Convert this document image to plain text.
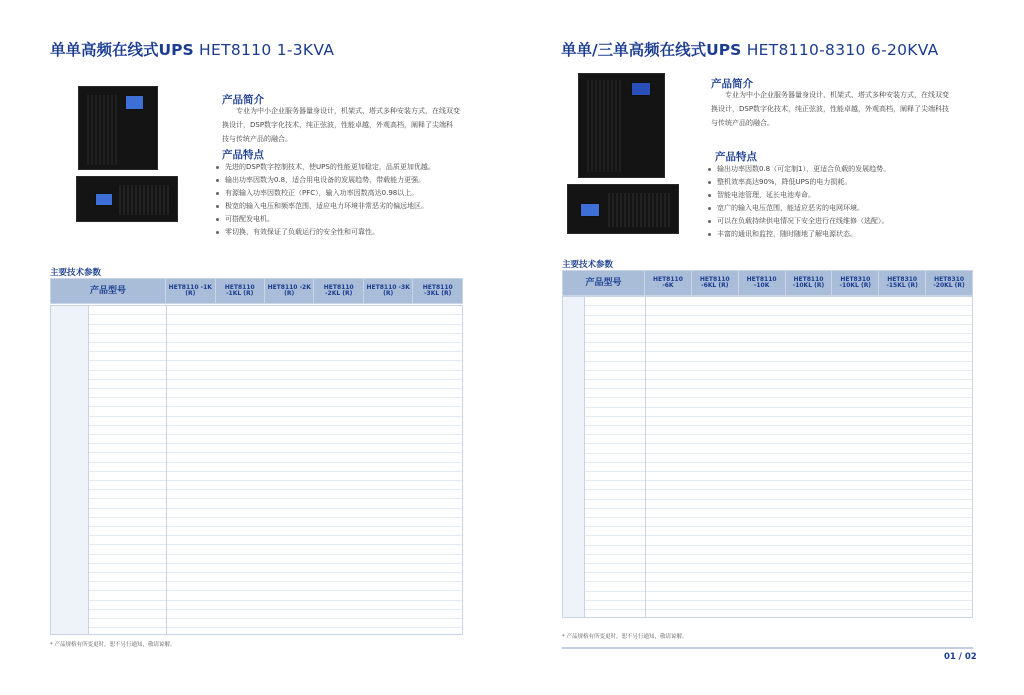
单单高频在线式UPS HET8110 1-3KVA
产品简介
专业为中小企业服务器量身设计，机架式、塔式多种安装方式，在线双变换设计，DSP数字化技术，纯正弦波，性能卓越，外观高档，阐释了尖端科技与传统产品的融合。
产品特点
先进的DSP数字控制技术，使UPS的性能更加稳定，品质更加优越。
输出功率因数为0.8，适合用电设备的发展趋势，带载能力更强。
有源输入功率因数校正（PFC），输入功率因数高达0.98以上。
极宽的输入电压和频率范围，适应电力环境非常恶劣的偏远地区。
可搭配发电机。
零切换，有效保证了负载运行的安全性和可靠性。
主要技术参数
产品型号	HET8110 -1K (R)	HET8110 -1KL (R)	HET8110 -2K (R)	HET8110 -2KL (R)	HET8110 -3K (R)	HET8110 -3KL (R)
* 产品规格有所变更时，恕不另行通知，敬请谅解。
单单/三单高频在线式UPS HET8110-8310 6-20KVA
产品简介
专业为中小企业服务器量身设计，机架式、塔式多种安装方式，在线双变换设计，DSP数字化技术，纯正弦波，性能卓越，外观高档，阐释了尖端科技与传统产品的融合。
产品特点
输出功率因数0.8（可定制1），更适合负载的发展趋势。
整机效率高达90%，降低UPS的电力损耗。
智能电池管理，延长电池寿命。
宽广的输入电压范围，能适应恶劣的电网环境。
可以在负载持续供电情况下安全进行在线维修（选配）。
丰富的通讯和监控，随时随地了解电源状态。
主要技术参数
产品型号	HET8110 -6K	HET8110 -6KL (R)	HET8110 -10K	HET8110 -10KL (R)	HET8310 -10KL (R)	HET8310 -15KL (R)	HET8310 -20KL (R)
* 产品规格有所变更时，恕不另行通知，敬请谅解。
01 / 02
